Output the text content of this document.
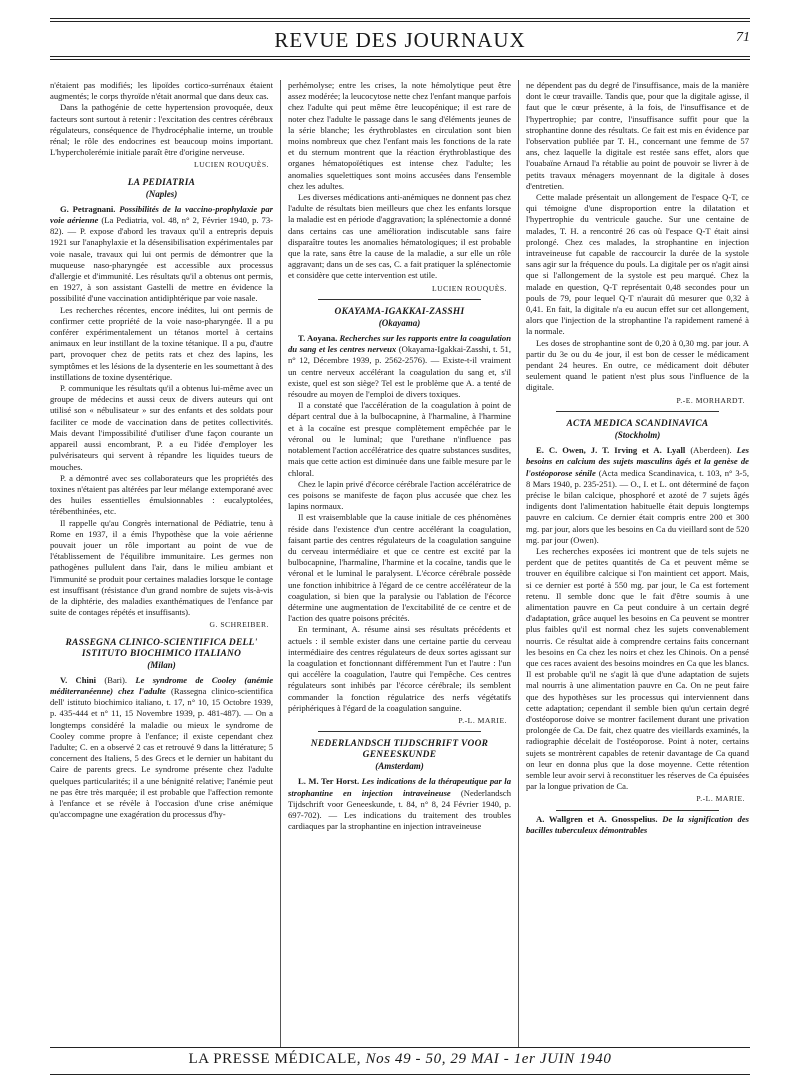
REVUE DES JOURNAUX	71

n'étaient pas modifiés; les lipoïdes cortico-surrénaux étaient augmentés; le corps thyroïde n'était anormal que dans deux cas.

Dans la pathogénie de cette hypertension provoquée, deux facteurs sont surtout à retenir : l'excitation des centres cérébraux régulateurs, conséquence de l'hydrocéphalie interne, un trouble rénal; le rôle des endocrines est beaucoup moins important. L'hypercholerémie initiale paraît être d'origine nerveuse.

LUCIEN ROUQUÈS.
LA PEDIATRIA
(Naples)

G. Petragnani. Possibilités de la vaccino-prophylaxie par voie aérienne (La Pediatria, vol. 48, n° 2, Février 1940, p. 73-82). — P. expose d'abord les travaux qu'il a entrepris depuis 1921 sur l'anaphylaxie et la désensibilisation expérimentales par voie nasale, travaux qui lui ont permis de démontrer que la muqueuse naso-pharyngée est accessible aux processus d'allergie et d'immunité. Les résultats qu'il a obtenus ont permis, en 1927, à son assistant Gastelli de mettre en évidence la possibilité d'une vaccination antidiphtérique par voie nasale.

Les recherches récentes, encore inédites, lui ont permis de confirmer cette propriété de la voie naso-pharyngée. Il a pu conférer expérimentalement un tétanos mortel à certains animaux en leur instillant de la toxine tétanique. Il a pu, d'autre part, provoquer chez de petits rats et chez des lapins, les symptômes et les lésions de la dysenterie en les soumettant à des instillations de toxine dysentérique.

P. communique les résultats qu'il a obtenus lui-même avec un groupe de médecins et aussi ceux de divers auteurs qui ont utilisé son « nébulisateur » sur des enfants et des soldats pour faciliter ce mode de vaccination dans de petites collectivités. Mais devant l'impossibilité d'utiliser d'une façon courante un appareil aussi encombrant, P. a eu l'idée d'employer les pulvérisateurs qui servent à répandre les liquides tueurs de mouches.

P. a démontré avec ses collaborateurs que les propriétés des toxines n'étaient pas altérées par leur mélange extemporané avec des huiles essentielles émulsionnables : eucalyptolées, térébenthinées, etc.

Il rappelle qu'au Congrès international de Pédiatrie, tenu à Rome en 1937, il a émis l'hypothèse que la voie aérienne pouvait jouer un rôle important au point de vue de l'établissement de l'équilibre immunitaire. Les germes non pathogènes pullulent dans l'air, dans le milieu ambiant et l'immunité se produit pour certaines maladies lorsque le contage est insuffisant (résistance d'un grand nombre de sujets vis-à-vis de la diphtérie, des maladies exanthématiques de l'enfance par suite de contages répétés et insuffisants).

G. SCHREIBER.
RASSEGNA CLINICO-SCIENTIFICA DELL' ISTITUTO BIOCHIMICO ITALIANO
(Milan)

V. Chini (Bari). Le syndrome de Cooley (anémie méditerranéenne) chez l'adulte (Rassegna clinico-scientifica dell' istituto biochimico italiano, t. 17, n° 10, 15 Octobre 1939, p. 435-444 et n° 11, 15 Novembre 1939, p. 481-487). — On a longtemps considéré la maladie ou mieux le syndrome de Cooley comme propre à l'enfance; il existe cependant chez l'adulte; C. en a observé 2 cas et retrouvé 9 dans la littérature; 5 concernent des Italiens, 5 des Grecs et le dernier un habitant du Caire de parents grecs. Le syndrome présente chez l'adulte quelques particularités; il a une bénignité relative; l'anémie peut ne pas être très marquée; il est probable que l'affection remonte à l'enfance et se révèle à l'occasion d'une crise anémique qu'accompagne une exagération du processus d'hy-

perhémolyse; entre les crises, la note hémolytique peut être assez modérée; la leucocytose nette chez l'enfant manque parfois chez l'adulte qui peut même être leucopénique; il est rare de noter chez l'adulte le passage dans le sang d'éléments jeunes de la série blanche; les érythroblastes en circulation sont bien moins nombreux que chez l'enfant mais les fonctions de la rate et du sternum montrent que la réaction érythroblastique des organes hématopoïétiques est intense chez l'adulte; les anomalies squelettiques sont moins accusées dans l'ensemble chez les adultes.

Les diverses médications anti-anémiques ne donnent pas chez l'adulte de résultats bien meilleurs que chez les enfants lorsque la maladie est en période d'aggravation; la splénectomie a donné dans certains cas une amélioration indiscutable sans faire disparaître toutes les anomalies hématologiques; il est probable que la rate, sans être la cause de la maladie, a sur elle un rôle aggravant; dans un de ses cas, C. a fait pratiquer la splénectomie et considère que cette intervention est utile.

LUCIEN ROUQUÈS.
OKAYAMA-IGAKKAI-ZASSHI
(Okayama)

T. Aoyana. Recherches sur les rapports entre la coagulation du sang et les centres nerveux (Okayama-Igakkai-Zasshi, t. 51, n° 12, Décembre 1939, p. 2562-2576). — Existe-t-il vraiment un centre nerveux accélérant la coagulation du sang et, s'il existe, quel est son siège? Tel est le problème que A. a tenté de résoudre au moyen de l'emploi de divers toxiques.

Il a constaté que l'accélération de la coagulation à point de départ central due à la bulbocapnine, à l'harmaline, à l'harmine et à la cocaïne est presque complètement empêchée par le véronal ou le luminal; que l'urethane n'influence pas notablement l'action accélératrice des quatre substances susdites, mais que cette action est diminuée dans une faible mesure par le chloral.

Chez le lapin privé d'écorce cérébrale l'action accélératrice de ces poisons se manifeste de façon plus accusée que chez les lapins normaux.

Il est vraisemblable que la cause initiale de ces phénomènes réside dans l'existence d'un centre accélérant la coagulation, faisant partie des centres régulateurs de la coagulation sanguine du cerveau intermédiaire et que ce centre est excité par la bulbocapnine, l'harmaline, l'harmine et la cocaïne, tandis que le véronal et le luminal le paralysent. L'écorce cérébrale possède une fonction inhibitrice à l'égard de ce centre accélérateur de la coagulation, si bien que la paralysie ou l'ablation de l'écorce détermine une augmentation de l'excitabilité de ce centre et de l'action des quatre poisons précités.

En terminant, A. résume ainsi ses résultats précédents et actuels : il semble exister dans une certaine partie du cerveau intermédiaire des centres régulateurs de deux sortes agissant sur la coagulation et fonctionnant différemment l'un et l'autre : l'un qui accélère la coagulation, l'autre qui l'empêche. Ces centres régulateurs sont inhibés par l'écorce cérébrale; ils semblent commander la fonction régulatrice des nerfs végétatifs périphériques à l'égard de la coagulation sanguine.

P.-L. MARIE.
NEDERLANDSCH TIJDSCHRIFT VOOR GENEESKUNDE
(Amsterdam)

L. M. Ter Horst. Les indications de la thérapeutique par la strophantine en injection intraveineuse (Nederlandsch Tijdschrift voor Geneeskunde, t. 84, n° 8, 24 Février 1940, p. 697-702). — Les indications du traitement des troubles cardiaques par la strophantine en injection intraveineuse

ne dépendent pas du degré de l'insuffisance, mais de la manière dont le cœur travaille. Tandis que, pour que la digitale agisse, il faut que le cœur présente, à la fois, de l'insuffisance et de l'hypertrophie; par contre, l'insuffisance suffit pour que la strophantine donne des résultats. Ce fait est mis en évidence par l'observation publiée par T. H., concernant une femme de 57 ans, chez laquelle la digitale est restée sans effet, alors que l'ouabaïne Arnaud l'a rétablie au point de pouvoir se livrer à de petits travaux ménagers moyennant de la digitale à doses d'entretien.

Cette malade présentait un allongement de l'espace Q-T, ce qui témoigne d'une disproportion entre la dilatation et l'hypertrophie du ventricule gauche. Sur une centaine de malades, T. H. a rencontré 26 cas où l'espace Q-T était ainsi prolongé. Chez ces malades, la strophantine en injection intraveineuse fut capable de raccourcir la durée de la systole sans agir sur la fréquence du pouls. La digitale per os n'agit ainsi que si l'allongement de la systole est peu marqué. Chez la malade en question, Q-T représentait 0,48 secondes pour un pouls de 79, pour lequel Q-T n'aurait dû mesurer que 0,32 à 0,41. En fait, la digitale n'a eu aucun effet sur cet allongement, alors que l'injection de la strophantine l'a rapidement ramené à la normale.

Les doses de strophantine sont de 0,20 à 0,30 mg. par jour. A partir du 3e ou du 4e jour, il est bon de cesser le médicament pendant 24 heures. En outre, ce médicament doit débuter seulement quand le patient n'est plus sous l'influence de la digitale.

P.-E. MORHARDT.
ACTA MEDICA SCANDINAVICA
(Stockholm)

E. C. Owen, J. T. Irving et A. Lyall (Aberdeen). Les besoins en calcium des sujets masculins âgés et la genèse de l'ostéoporose sénile (Acta medica Scandinavica, t. 103, n° 3-5, 8 Mars 1940, p. 235-251). — O., I. et L. ont déterminé de façon précise le bilan calcique, phosphoré et azoté de 7 sujets âgés indigents dont l'alimentation habituelle était depuis longtemps pauvre en calcium. Ce dernier était compris entre 200 et 300 mg. par jour, alors que les besoins en Ca du vieillard sont de 520 mg. par jour (Owen).

Les recherches exposées ici montrent que de tels sujets ne perdent que de petites quantités de Ca et peuvent même se trouver en équilibre calcique si l'on maintient cet apport. Mais, si ce dernier est porté à 550 mg. par jour, le Ca est fortement retenu. Il semble donc que le fait d'être soumis à une alimentation pauvre en Ca peut conduire à un certain degré d'adaptation, grâce auquel les besoins en Ca peuvent se montrer plus faibles qu'il est normal chez les sujets convenablement nourris. Ce résultat aide à comprendre certains faits concernant les besoins en Ca chez les noirs et chez les Chinois. On a pensé que ces races avaient des besoins moindres en Ca que les blancs. Il est probable qu'il ne s'agit là que d'une adaptation de sujets mal nourris à une alimentation pauvre en Ca. On ne peut faire que des hypothèses sur les processus qui interviennent dans cette adaptation; cependant il semble bien qu'un certain degré d'ostéoporose doive se montrer facilement durant une privation prolongée de Ca. De fait, chez quatre des vieillards examinés, la radiographie décelait de l'ostéoporose. Point à noter, certains sujets se montrèrent capables de retenir davantage de Ca quand on leur en donna plus que la dose moyenne. Cette rétention semble leur avoir servi à reconstituer les réserves de Ca épuisées par la longue privation de Ca.

P.-L. MARIE.

A. Wallgren et A. Gnosspelius. De la signification des bacilles tuberculeux démontrables

LA PRESSE MÉDICALE, Nos 49 - 50, 29 MAI - 1er JUIN 1940
